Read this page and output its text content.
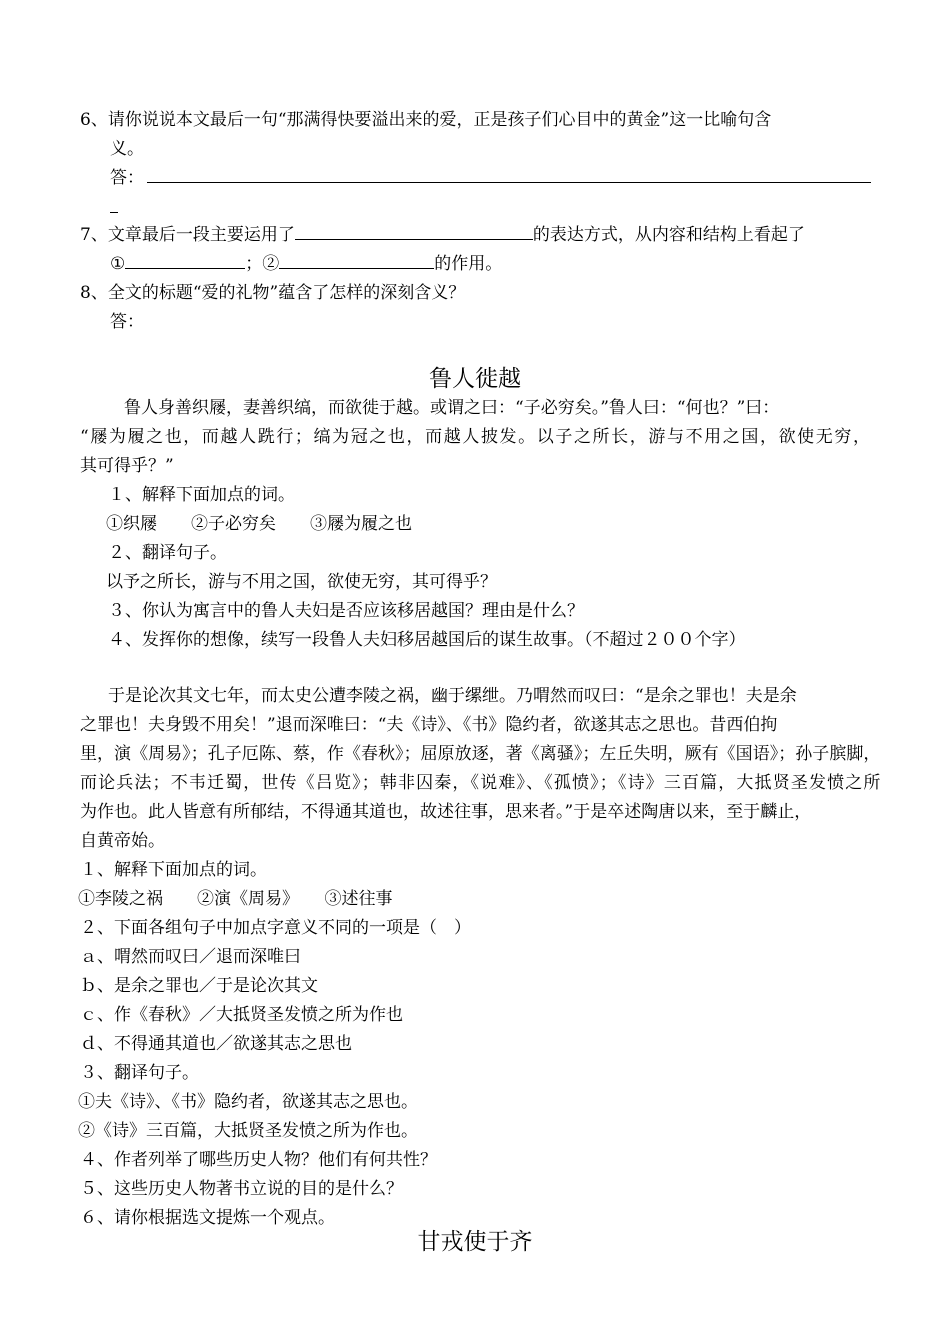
6、请你说说本文最后一句“那满得快要溢出来的爱，正是孩子们心目中的黄金”这一比喻句含
义。
答：
7、文章最后一段主要运用了	的表达方式，从内容和结构上看起了
①	；②	的作用。
8、全文的标题“爱的礼物”蕴含了怎样的深刻含义？
答：
鲁人徙越
鲁人身善织屦，妻善织缟，而欲徙于越。或谓之曰：“子必穷矣。”鲁人曰：“何也？”曰：
“屦为履之也，而越人跣行；缟为冠之也，而越人披发。以子之所长，游与不用之国，欲使无穷，
其可得乎？”
１、解释下面加点的词。
①织屦　　②子必穷矣　　③屦为履之也
２、翻译句子。
以予之所长，游与不用之国，欲使无穷，其可得乎？
３、你认为寓言中的鲁人夫妇是否应该移居越国？理由是什么？
４、发挥你的想像，续写一段鲁人夫妇移居越国后的谋生故事。（不超过２００个字）
于是论次其文七年，而太史公遭李陵之祸，幽于缧绁。乃喟然而叹曰：“是余之罪也！夫是余
之罪也！夫身毁不用矣！”退而深唯曰：“夫《诗》、《书》隐约者，欲遂其志之思也。昔西伯拘
里，演《周易》；孔子厄陈、蔡，作《春秋》；屈原放逐，著《离骚》；左丘失明，厥有《国语》；孙子膑脚，
而论兵法；不韦迁蜀，世传《吕览》；韩非囚秦，《说难》、《孤愤》；《诗》三百篇，大抵贤圣发愤之所
为作也。此人皆意有所郁结，不得通其道也，故述往事，思来者。”于是卒述陶唐以来，至于麟止，
自黄帝始。
１、解释下面加点的词。
①李陵之祸　　②演《周易》　　③述往事
２、下面各组句子中加点字意义不同的一项是（　）
ａ、喟然而叹曰／退而深唯曰
ｂ、是余之罪也／于是论次其文
ｃ、作《春秋》／大抵贤圣发愤之所为作也
ｄ、不得通其道也／欲遂其志之思也
３、翻译句子。
①夫《诗》、《书》隐约者，欲遂其志之思也。
②《诗》三百篇，大抵贤圣发愤之所为作也。
４、作者列举了哪些历史人物？他们有何共性？
５、这些历史人物著书立说的目的是什么？
６、请你根据选文提炼一个观点。
甘戎使于齐
